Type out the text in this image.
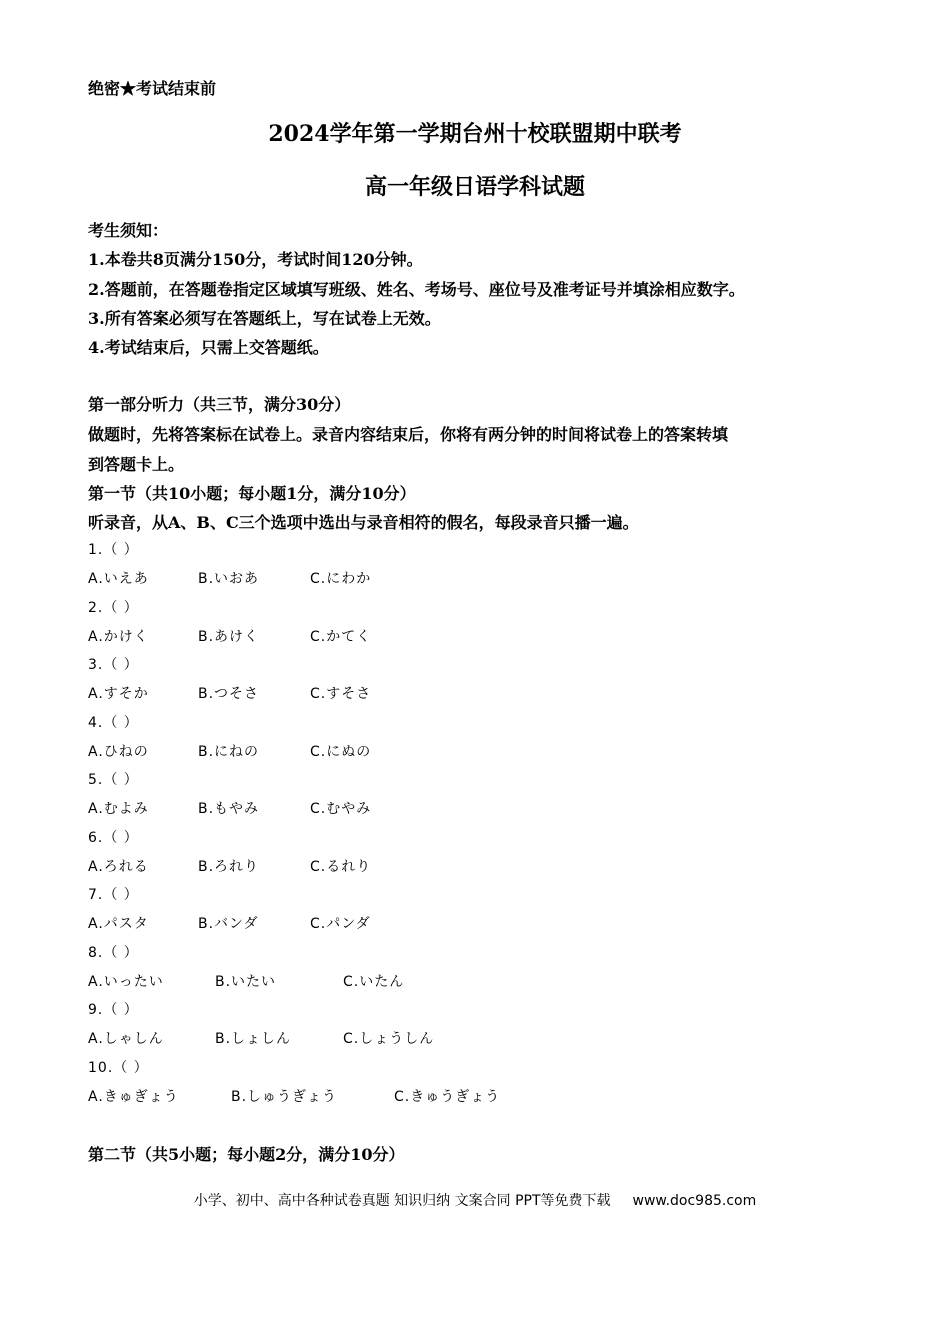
绝密★考试结束前
2024学年第一学期台州十校联盟期中联考
高一年级日语学科试题
考生须知：
1.本卷共8页满分150分，考试时间120分钟。
2.答题前，在答题卷指定区域填写班级、姓名、考场号、座位号及准考证号并填涂相应数字。
3.所有答案必须写在答题纸上，写在试卷上无效。
4.考试结束后，只需上交答题纸。
第一部分听力（共三节，满分30分）
做题时，先将答案标在试卷上。录音内容结束后，你将有两分钟的时间将试卷上的答案转填
到答题卡上。
第一节（共10小题；每小题1分，满分10分）
听录音，从A、B、C三个选项中选出与录音相符的假名，每段录音只播一遍。
1.（ ）
A.いえあ	B.いおあ	C.にわか
2.（ ）
A.かけく	B.あけく	C.かてく
3.（ ）
A.すそか	B.つそさ	C.すそさ
4.（ ）
A.ひねの	B.にねの	C.にぬの
5.（ ）
A.むよみ	B.もやみ	C.むやみ
6.（ ）
A.ろれる	B.ろれり	C.るれり
7.（ ）
A.パスタ	B.バンダ	C.パンダ
8.（ ）
A.いったい	B.いたい	C.いたん
9.（ ）
A.しゃしん	B.しょしん	C.しょうしん
10.（ ）
A.きゅぎょう	B.しゅうぎょう	C.きゅうぎょう
第二节（共5小题；每小题2分，满分10分）
小学、初中、高中各种试卷真题 知识归纳 文案合同 PPT等免费下载 www.doc985.com
